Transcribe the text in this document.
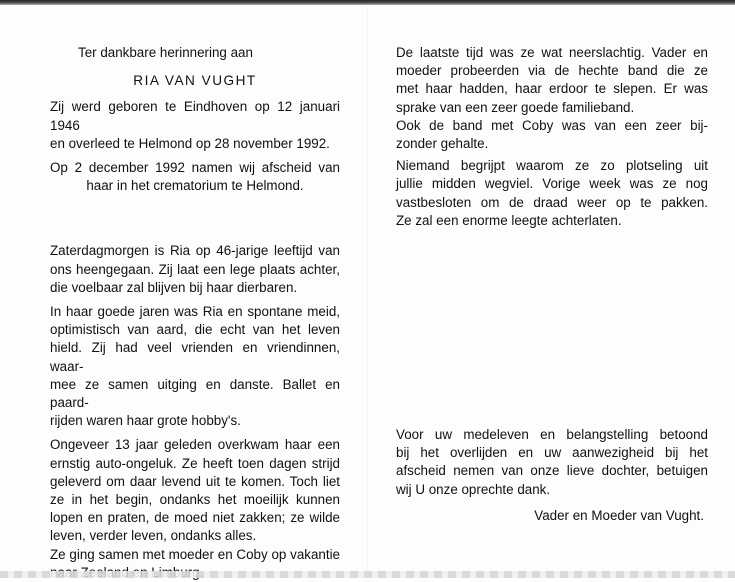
Ter dankbare herinnering aan
RIA VAN VUGHT
Zij werd geboren te Eindhoven op 12 januari 1946
en overleed te Helmond op 28 november 1992.
Op 2 december 1992 namen wij afscheid van
haar in het crematorium te Helmond.
Zaterdagmorgen is Ria op 46-jarige leeftijd van
ons heengegaan. Zij laat een lege plaats achter,
die voelbaar zal blijven bij haar dierbaren.
In haar goede jaren was Ria en spontane meid,
optimistisch van aard, die echt van het leven
hield. Zij had veel vrienden en vriendinnen, waar-
mee ze samen uitging en danste. Ballet en paard-
rijden waren haar grote hobby's.
Ongeveer 13 jaar geleden overkwam haar een
ernstig auto-ongeluk. Ze heeft toen dagen strijd
geleverd om daar levend uit te komen. Toch liet
ze in het begin, ondanks het moeilijk kunnen
lopen en praten, de moed niet zakken; ze wilde
leven, verder leven, ondanks alles.
Ze ging samen met moeder en Coby op vakantie
De laatste tijd was ze wat neerslachtig. Vader en
moeder probeerden via de hechte band die ze
met haar hadden, haar erdoor te slepen. Er was
sprake van een zeer goede familieband.
Ook de band met Coby was van een zeer bij-
zonder gehalte.
Niemand begrijpt waarom ze zo plotseling uit
jullie midden wegviel. Vorige week was ze nog
vastbesloten om de draad weer op te pakken.
Ze zal een enorme leegte achterlaten.
Voor uw medeleven en belangstelling betoond
bij het overlijden en uw aanwezigheid bij het
afscheid nemen van onze lieve dochter, betuigen
wij U onze oprechte dank.
Vader en Moeder van Vught.
